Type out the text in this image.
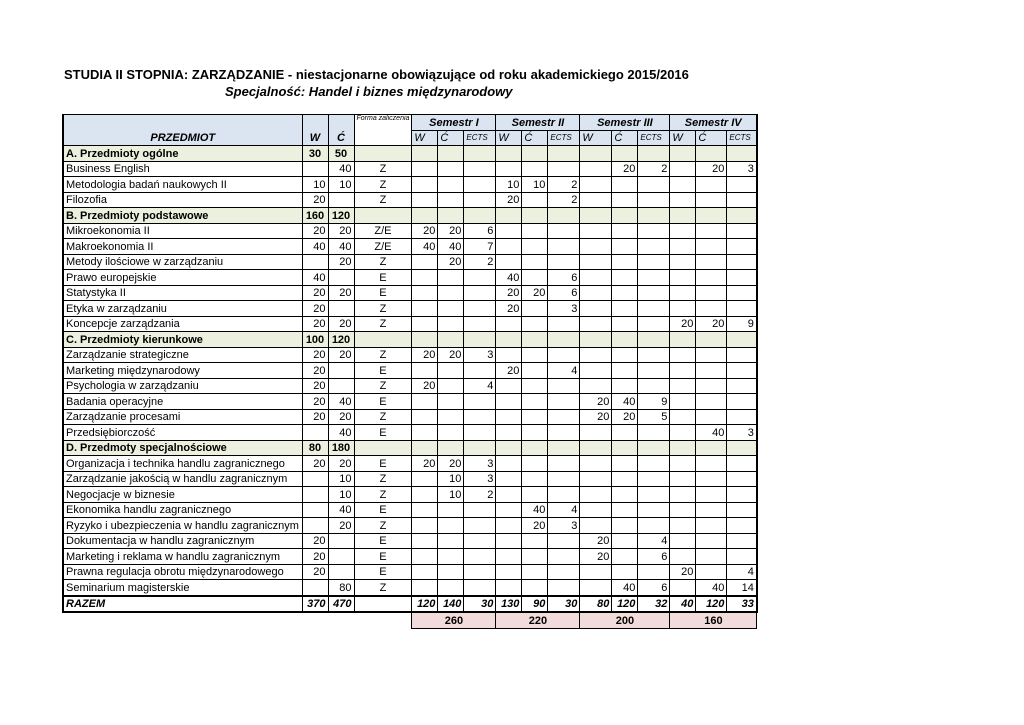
STUDIA II STOPNIA: ZARZĄDZANIE - niestacjonarne obowiązujące od roku akademickiego 2015/2016
Specjalność: Handel i biznes międzynarodowy
PRZEDMIOT	W	Ć	Forma zaliczenia	Semestr I			Semestr II			Semestr III			Semestr IV		
				W	Ć	ECTS	W	Ć	ECTS	W	Ć	ECTS	W	Ć	ECTS
A. Przedmioty ogólne	30	50													
Business English		40	Z								20	2		20	3
Metodologia badań naukowych II	10	10	Z				10	10	2						
Filozofia	20		Z				20		2						
B. Przedmioty podstawowe	160	120													
Mikroekonomia II	20	20	Z/E	20	20	6									
Makroekonomia II	40	40	Z/E	40	40	7									
Metody ilościowe w zarządzaniu		20	Z		20	2									
Prawo europejskie	40		E				40		6						
Statystyka II	20	20	E				20	20	6						
Etyka w zarządzaniu	20		Z				20		3						
Koncepcje zarządzania	20	20	Z										20	20	9
C. Przedmioty kierunkowe	100	120													
Zarządzanie strategiczne	20	20	Z	20	20	3									
Marketing międzynarodowy	20		E				20		4						
Psychologia w zarządzaniu	20		Z	20		4									
Badania operacyjne	20	40	E							20	40	9			
Zarządzanie procesami	20	20	Z							20	20	5			
Przedsiębiorczość		40	E											40	3
D. Przedmoty specjalnościowe	80	180													
Organizacja i technika handlu zagranicznego	20	20	E	20	20	3									
Zarządzanie jakością w handlu zagranicznym		10	Z		10	3									
Negocjacje w biznesie		10	Z		10	2									
Ekonomika handlu zagranicznego		40	E					40	4						
Ryzyko i ubezpieczenia w handlu zagranicznym		20	Z					20	3						
Dokumentacja w handlu zagranicznym	20		E							20		4			
Marketing i reklama w handlu zagranicznym	20		E							20		6			
Prawna regulacja obrotu międzynarodowego	20		E										20		4
Seminarium magisterskie		80	Z								40	6		40	14
RAZEM	370	470		120	140	30	130	90	30	80	120	32	40	120	33
				260			220			200			160		
